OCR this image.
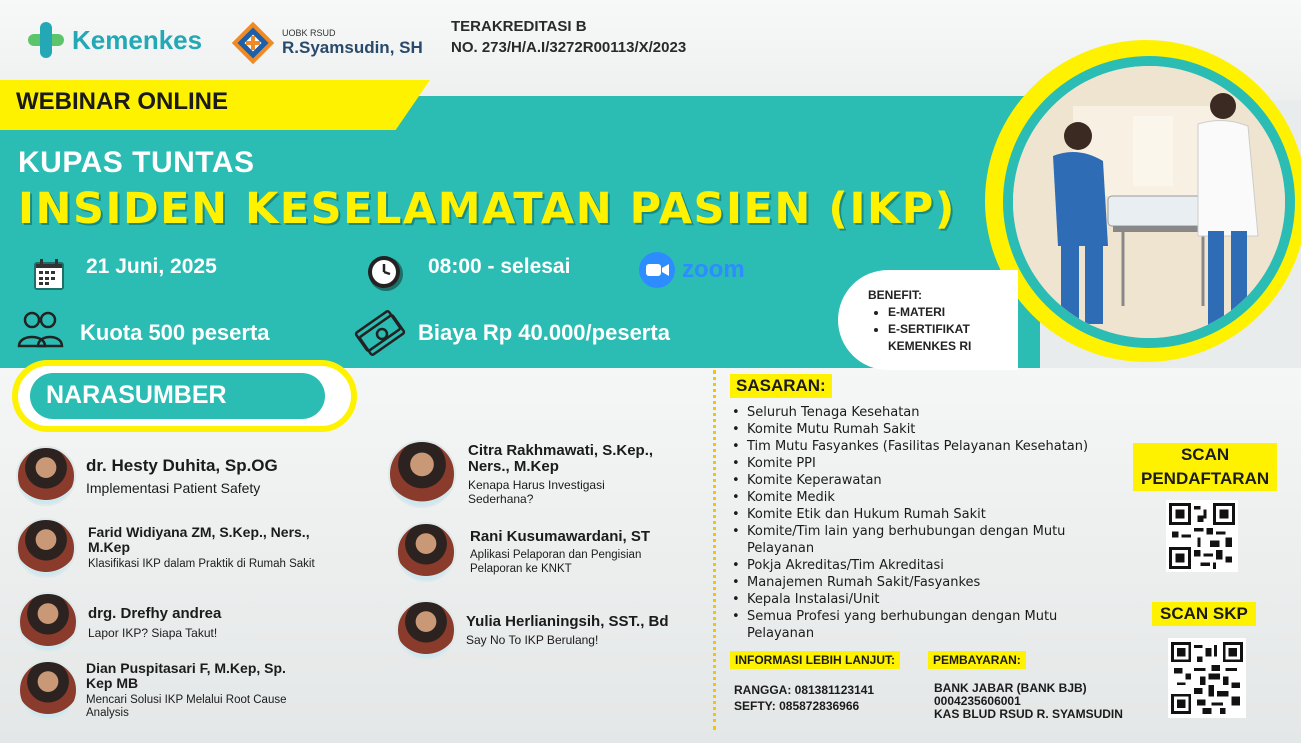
Kemenkes	UOBK RSUD
R.Syamsudin, SH
TERAKREDITASI B
NO. 273/H/A.I/3272R00113/X/2023
WEBINAR ONLINE
KUPAS TUNTAS
INSIDEN KESELAMATAN PASIEN (IKP)
21 Juni, 2025	08:00 - selesai	zoom
Kuota 500 peserta	Biaya Rp 40.000/peserta
BENEFIT:
• E-MATERI
• E-SERTIFIKAT KEMENKES RI
NARASUMBER
dr. Hesty Duhita, Sp.OG
Implementasi Patient Safety
Farid Widiyana ZM, S.Kep., Ners., M.Kep
Klasifikasi IKP dalam Praktik di Rumah Sakit
drg. Drefhy andrea
Lapor IKP? Siapa Takut!
Dian Puspitasari F, M.Kep, Sp. Kep MB
Mencari Solusi IKP Melalui Root Cause Analysis
Citra Rakhmawati, S.Kep., Ners., M.Kep
Kenapa Harus Investigasi Sederhana?
Rani Kusumawardani, ST
Aplikasi Pelaporan dan Pengisian Pelaporan ke KNKT
Yulia Herlianingsih, SST., Bd
Say No To IKP Berulang!
SASARAN:
• Seluruh Tenaga Kesehatan
• Komite Mutu Rumah Sakit
• Tim Mutu Fasyankes (Fasilitas Pelayanan Kesehatan)
• Komite PPI
• Komite Keperawatan
• Komite Medik
• Komite Etik dan Hukum Rumah Sakit
• Komite/Tim lain yang berhubungan dengan Mutu Pelayanan
• Pokja Akreditas/Tim Akreditasi
• Manajemen Rumah Sakit/Fasyankes
• Kepala Instalasi/Unit
• Semua Profesi yang berhubungan dengan Mutu Pelayanan
INFORMASI LEBIH LANJUT:
RANGGA: 081381123141
SEFTY: 085872836966
PEMBAYARAN:
BANK JABAR (BANK BJB)
0004235606001
KAS BLUD RSUD R. SYAMSUDIN
SCAN
PENDAFTARAN
SCAN SKP
